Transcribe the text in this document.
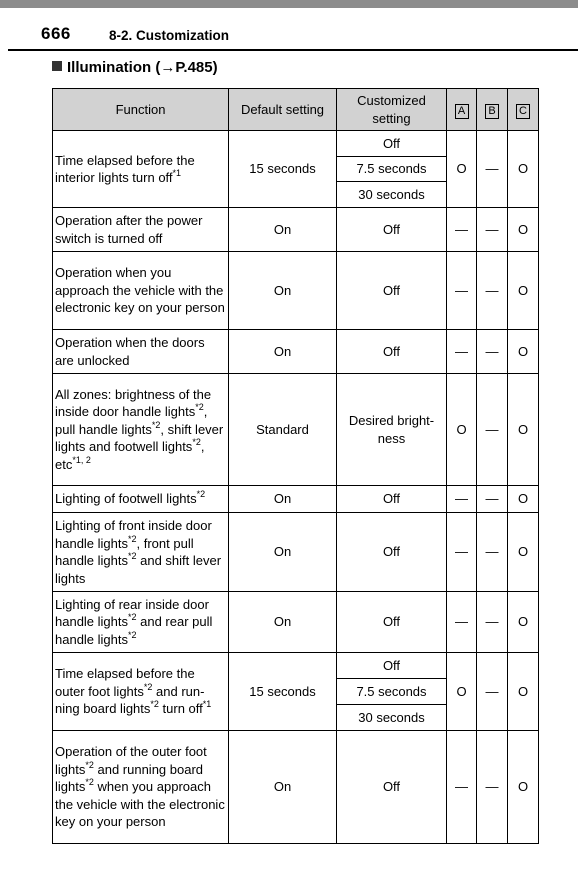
666	8-2. Customization
Illumination (→P.485)
Function	Default setting	Customized setting	A	B	C
Time elapsed before the interior lights turn off$^{*1}$	15 seconds	Off	O	—	O
		7.5 seconds			
		30 seconds			
Operation after the power switch is turned off	On	Off	—	—	O
Operation when you approach the vehicle with the electronic key on your person	On	Off	—	—	O
Operation when the doors are unlocked	On	Off	—	—	O
All zones: brightness of the inside door handle lights$^{*2}$, pull handle lights$^{*2}$, shift lever lights and footwell lights$^{*2}$, etc$^{*1, 2}$	Standard	Desired bright-ness	O	—	O
Lighting of footwell lights$^{*2}$	On	Off	—	—	O
Lighting of front inside door handle lights$^{*2}$, front pull handle lights$^{*2}$ and shift lever lights	On	Off	—	—	O
Lighting of rear inside door handle lights$^{*2}$ and rear pull handle lights$^{*2}$	On	Off	—	—	O
Time elapsed before the outer foot lights$^{*2}$ and run-ning board lights$^{*2}$ turn off$^{*1}$	15 seconds	Off	O	—	O
		7.5 seconds			
		30 seconds			
Operation of the outer foot lights$^{*2}$ and running board lights$^{*2}$ when you approach the vehicle with the electronic key on your person	On	Off	—	—	O
